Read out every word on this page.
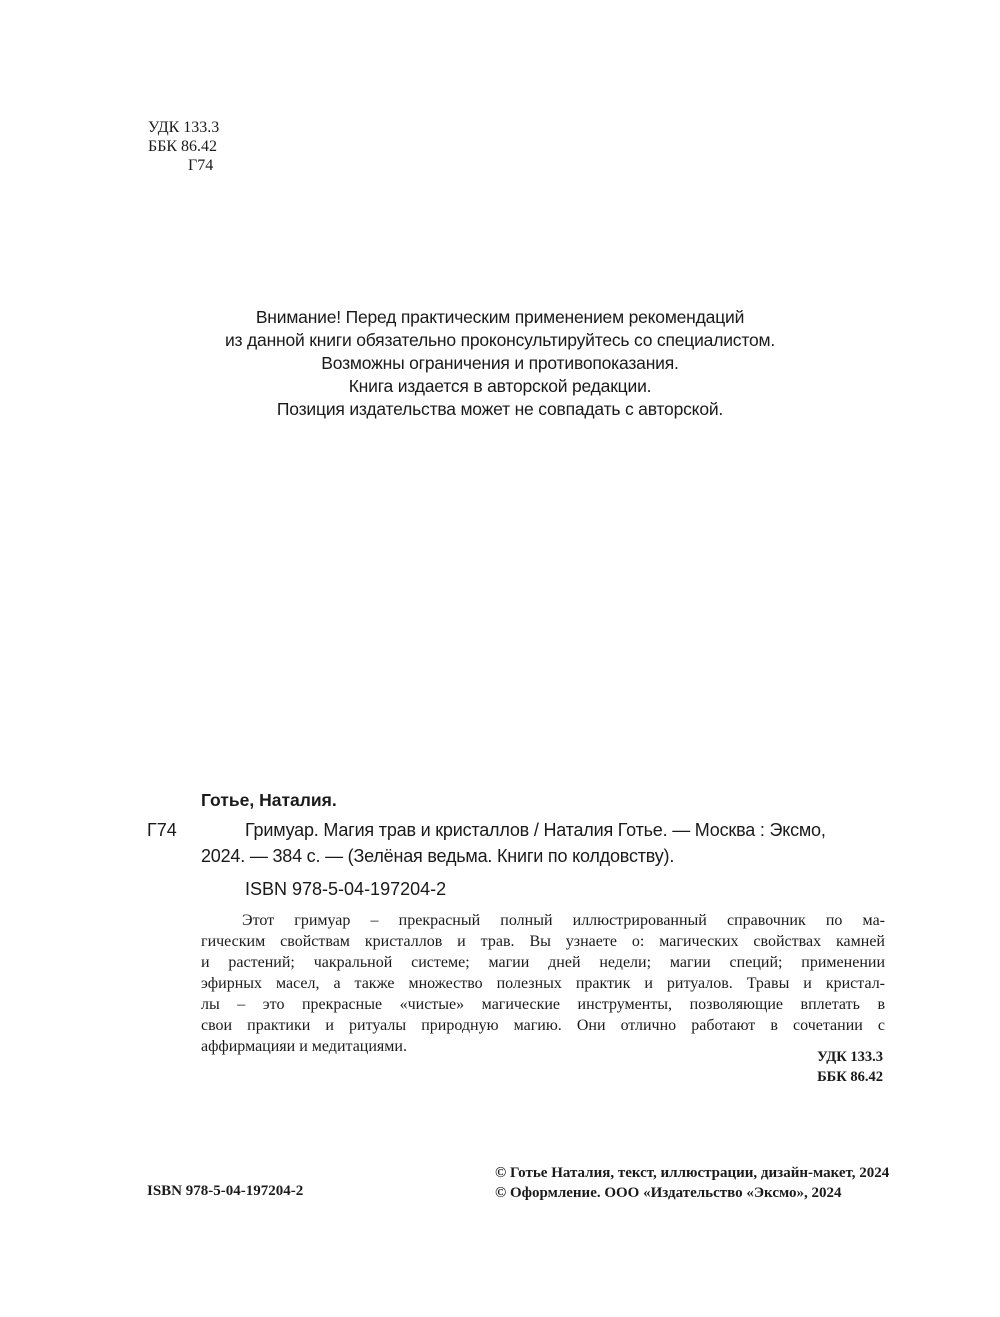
УДК 133.3
ББК 86.42
Г74
Внимание! Перед практическим применением рекомендаций
из данной книги обязательно проконсультируйтесь со специалистом.
Возможны ограничения и противопоказания.
Книга издается в авторской редакции.
Позиция издательства может не совпадать с авторской.
Готье, Наталия.
Г74	Гримуар. Магия трав и кристаллов / Наталия Готье. — Москва : Эксмо,
2024. — 384 с. — (Зелёная ведьма. Книги по колдовству).
ISBN 978-5-04-197204-2
Этот гримуар – прекрасный полный иллюстрированный справочник по ма-
гическим свойствам кристаллов и трав. Вы узнаете о: магических свойствах камней
и растений; чакральной системе; магии дней недели; магии специй; применении
эфирных масел, а также множество полезных практик и ритуалов. Травы и кристал-
лы – это прекрасные «чистые» магические инструменты, позволяющие вплетать в
свои практики и ритуалы природную магию. Они отлично работают в сочетании с
аффирмацияи и медитациями.
УДК 133.3
ББК 86.42
ISBN 978-5-04-197204-2
© Готье Наталия, текст, иллюстрации, дизайн-макет, 2024
© Оформление. ООО «Издательство «Эксмо», 2024
